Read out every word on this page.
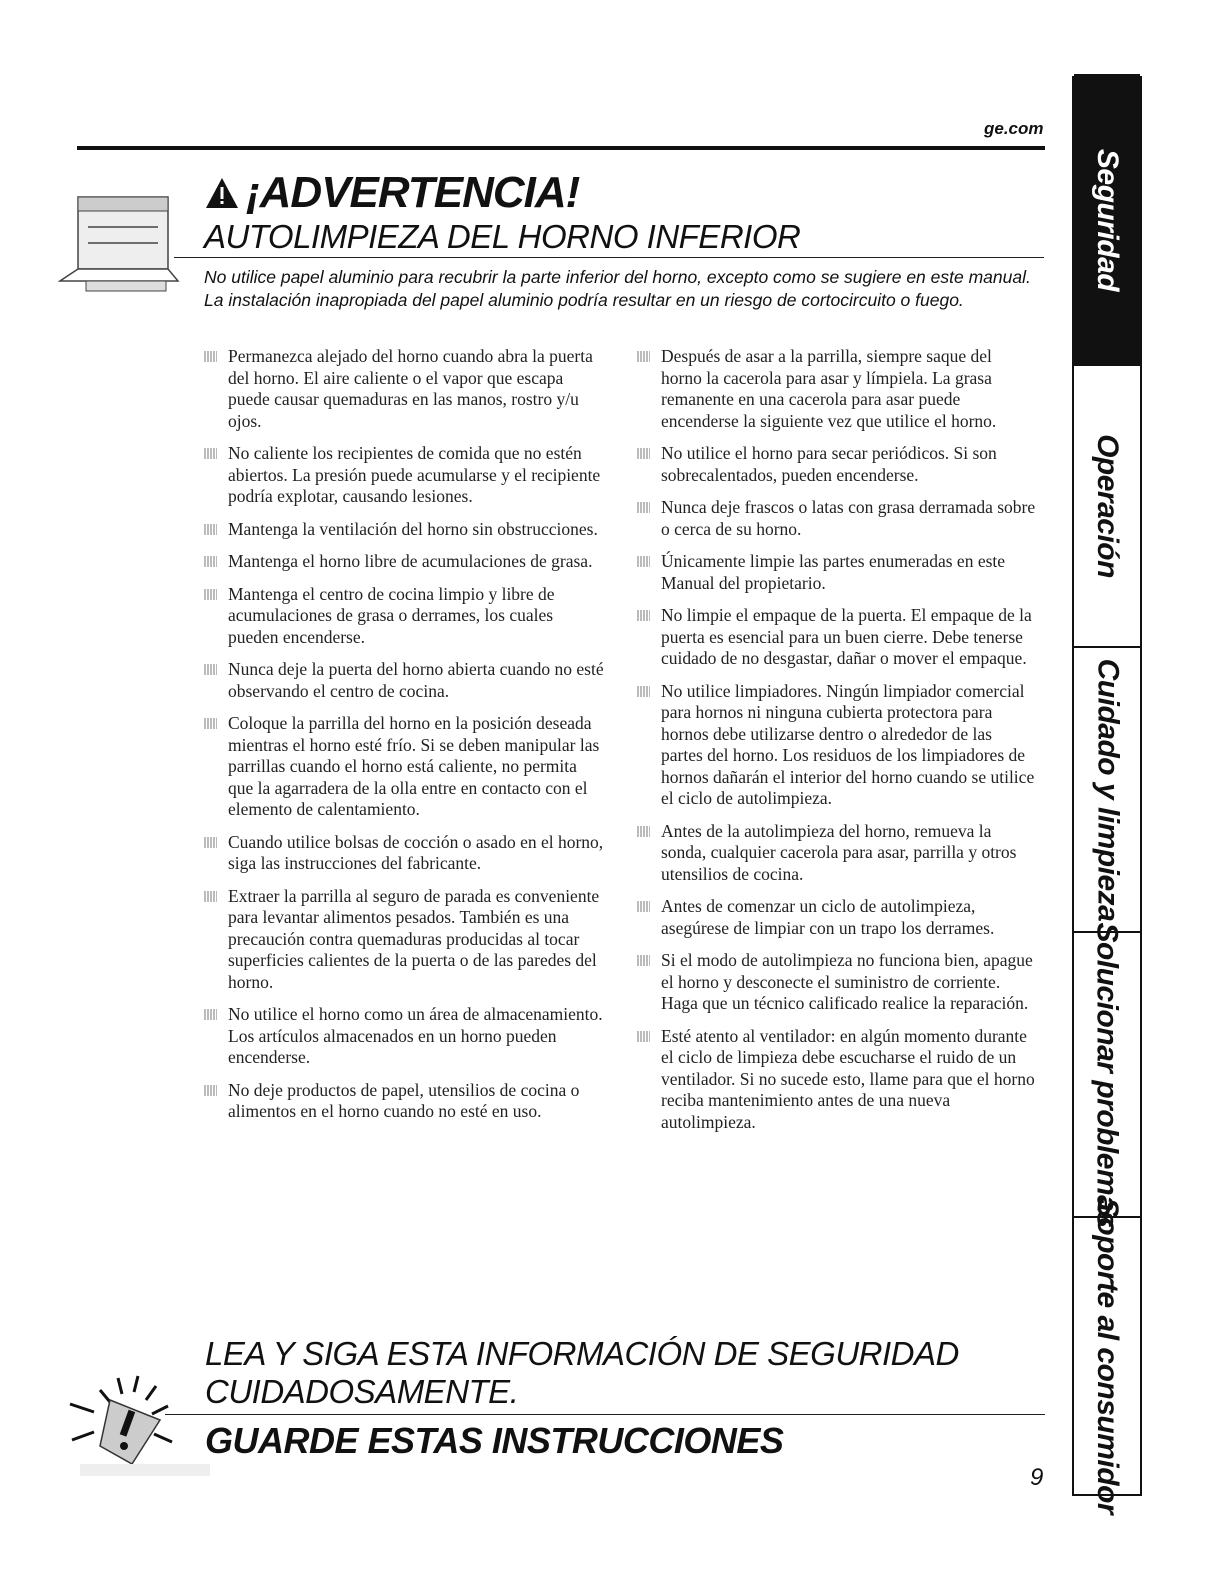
ge.com
¡ADVERTENCIA!
AUTOLIMPIEZA DEL HORNO INFERIOR
No utilice papel aluminio para recubrir la parte inferior del horno, excepto como se sugiere en este manual. La instalación inapropiada del papel aluminio podría resultar en un riesgo de cortocircuito o fuego.
Permanezca alejado del horno cuando abra la puerta del horno. El aire caliente o el vapor que escapa puede causar quemaduras en las manos, rostro y/u ojos.
No caliente los recipientes de comida que no estén abiertos. La presión puede acumularse y el recipiente podría explotar, causando lesiones.
Mantenga la ventilación del horno sin obstrucciones.
Mantenga el horno libre de acumulaciones de grasa.
Mantenga el centro de cocina limpio y libre de acumulaciones de grasa o derrames, los cuales pueden encenderse.
Nunca deje la puerta del horno abierta cuando no esté observando el centro de cocina.
Coloque la parrilla del horno en la posición deseada mientras el horno esté frío. Si se deben manipular las parrillas cuando el horno está caliente, no permita que la agarradera de la olla entre en contacto con el elemento de calentamiento.
Cuando utilice bolsas de cocción o asado en el horno, siga las instrucciones del fabricante.
Extraer la parrilla al seguro de parada es conveniente para levantar alimentos pesados. También es una precaución contra quemaduras producidas al tocar superficies calientes de la puerta o de las paredes del horno.
No utilice el horno como un área de almacenamiento. Los artículos almacenados en un horno pueden encenderse.
No deje productos de papel, utensilios de cocina o alimentos en el horno cuando no esté en uso.
Después de asar a la parrilla, siempre saque del horno la cacerola para asar y límpiela. La grasa remanente en una cacerola para asar puede encenderse la siguiente vez que utilice el horno.
No utilice el horno para secar periódicos. Si son sobrecalentados, pueden encenderse.
Nunca deje frascos o latas con grasa derramada sobre o cerca de su horno.
Únicamente limpie las partes enumeradas en este Manual del propietario.
No limpie el empaque de la puerta. El empaque de la puerta es esencial para un buen cierre. Debe tenerse cuidado de no desgastar, dañar o mover el empaque.
No utilice limpiadores. Ningún limpiador comercial para hornos ni ninguna cubierta protectora para hornos debe utilizarse dentro o alrededor de las partes del horno. Los residuos de los limpiadores de hornos dañarán el interior del horno cuando se utilice el ciclo de autolimpieza.
Antes de la autolimpieza del horno, remueva la sonda, cualquier cacerola para asar, parrilla y otros utensilios de cocina.
Antes de comenzar un ciclo de autolimpieza, asegúrese de limpiar con un trapo los derrames.
Si el modo de autolimpieza no funciona bien, apague el horno y desconecte el suministro de corriente. Haga que un técnico calificado realice la reparación.
Esté atento al ventilador: en algún momento durante el ciclo de limpieza debe escucharse el ruido de un ventilador. Si no sucede esto, llame para que el horno reciba mantenimiento antes de una nueva autolimpieza.
LEA Y SIGA ESTA INFORMACIÓN DE SEGURIDAD
CUIDADOSAMENTE.
GUARDE ESTAS INSTRUCCIONES
9
Seguridad
Operación
Cuidado y limpieza
Solucionar problemas
Soporte al consumidor
